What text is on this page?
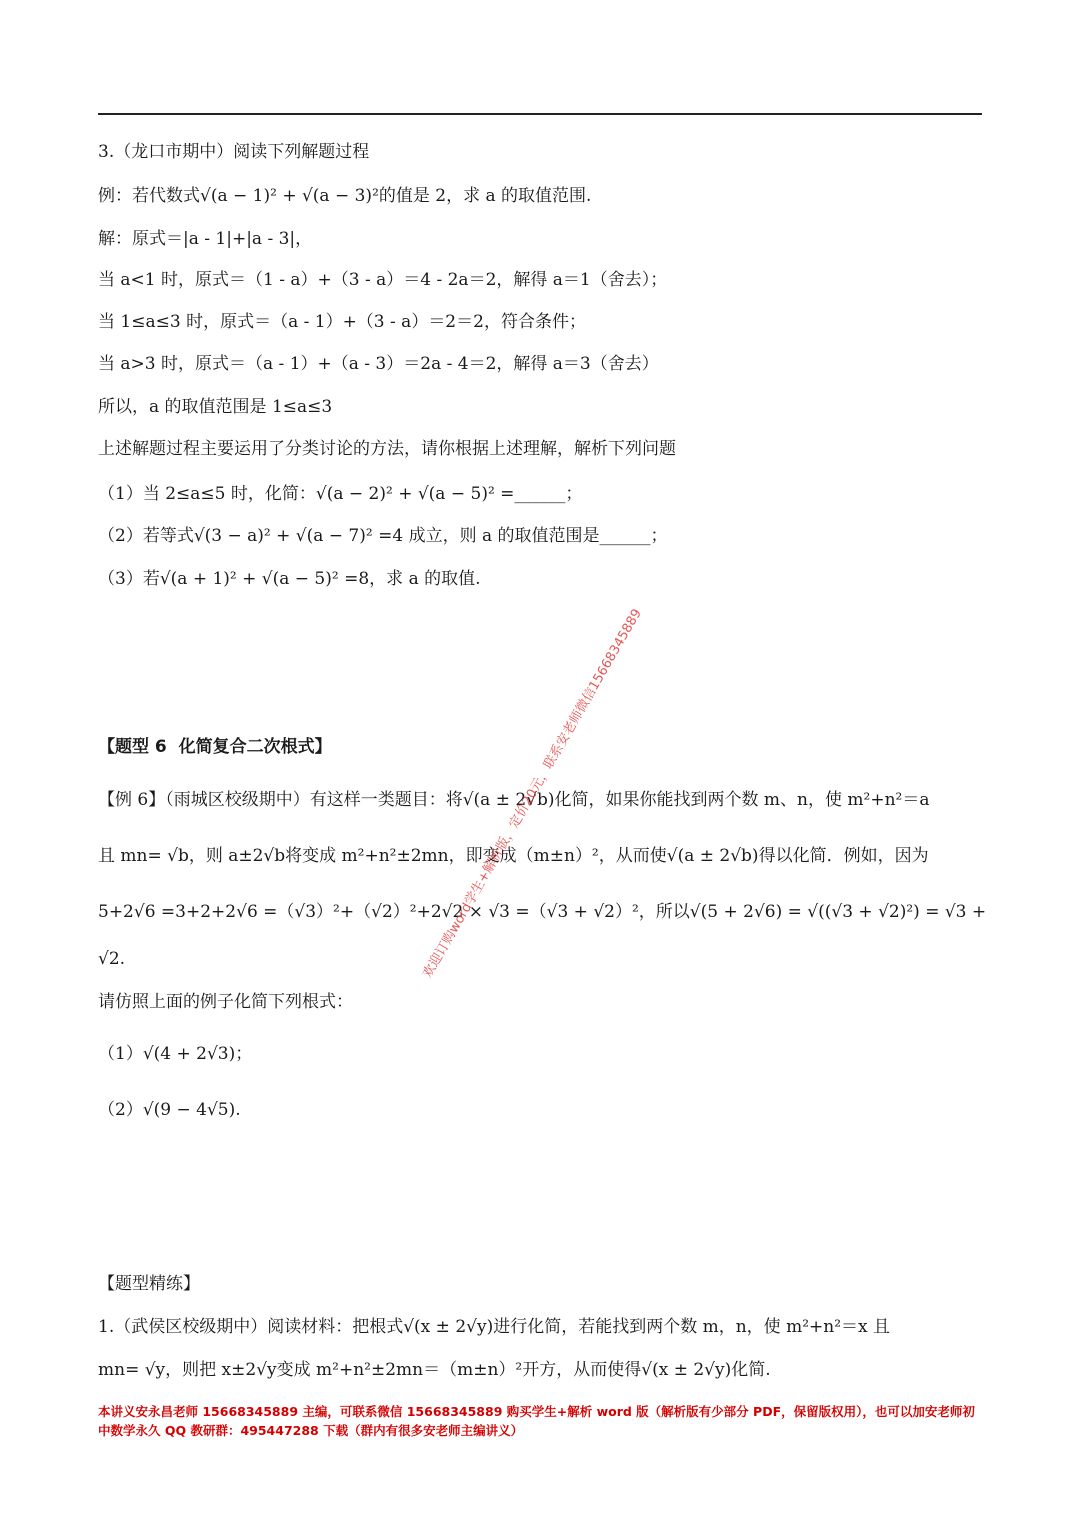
3.（龙口市期中）阅读下列解题过程
例：若代数式√(a − 1)² + √(a − 3)²的值是 2，求 a 的取值范围.
解：原式＝|a ‐ 1|+|a ‐ 3|，
当 a<1 时，原式＝（1 ‐ a）+（3 ‐ a）＝4 ‐ 2a＝2，解得 a＝1（舍去）；
当 1≤a≤3 时，原式＝（a ‐ 1）+（3 ‐ a）＝2＝2，符合条件；
当 a>3 时，原式＝（a ‐ 1）+（a ‐ 3）＝2a ‐ 4＝2，解得 a＝3（舍去）
所以，a 的取值范围是 1≤a≤3
上述解题过程主要运用了分类讨论的方法，请你根据上述理解，解析下列问题
（1）当 2≤a≤5 时，化简：√(a − 2)² + √(a − 5)² =______；
（2）若等式√(3 − a)² + √(a − 7)² =4 成立，则 a 的取值范围是______；
（3）若√(a + 1)² + √(a − 5)² =8，求 a 的取值.
【题型 6  化简复合二次根式】
【例 6】（雨城区校级期中）有这样一类题目：将√(a ± 2√b)化简，如果你能找到两个数 m、n，使 m²+n²＝a
且 mn= √b，则 a±2√b将变成 m²+n²±2mn，即变成（m±n）²，从而使√(a ± 2√b)得以化简．例如，因为
5+2√6 =3+2+2√6 =（√3）²+（√2）²+2√2 × √3 =（√3 + √2）²，所以√(5 + 2√6) = √((√3 + √2)²) = √3 +
√2.
请仿照上面的例子化简下列根式：
（1）√(4 + 2√3)；
（2）√(9 − 4√5).
【题型精练】
1.（武侯区校级期中）阅读材料：把根式√(x ± 2√y)进行化简，若能找到两个数 m，n，使 m²+n²＝x 且
mn= √y，则把 x±2√y变成 m²+n²±2mn＝（m±n）²开方，从而使得√(x ± 2√y)化简.
欢迎订购word学生+解析版，定价20元，联系安老师微信15668345889
本讲义安永昌老师 15668345889 主编，可联系微信 15668345889 购买学生+解析 word 版（解析版有少部分 PDF，保留版权用），也可以加安老师初中数学永久 QQ 教研群：495447288 下载（群内有很多安老师主编讲义）
